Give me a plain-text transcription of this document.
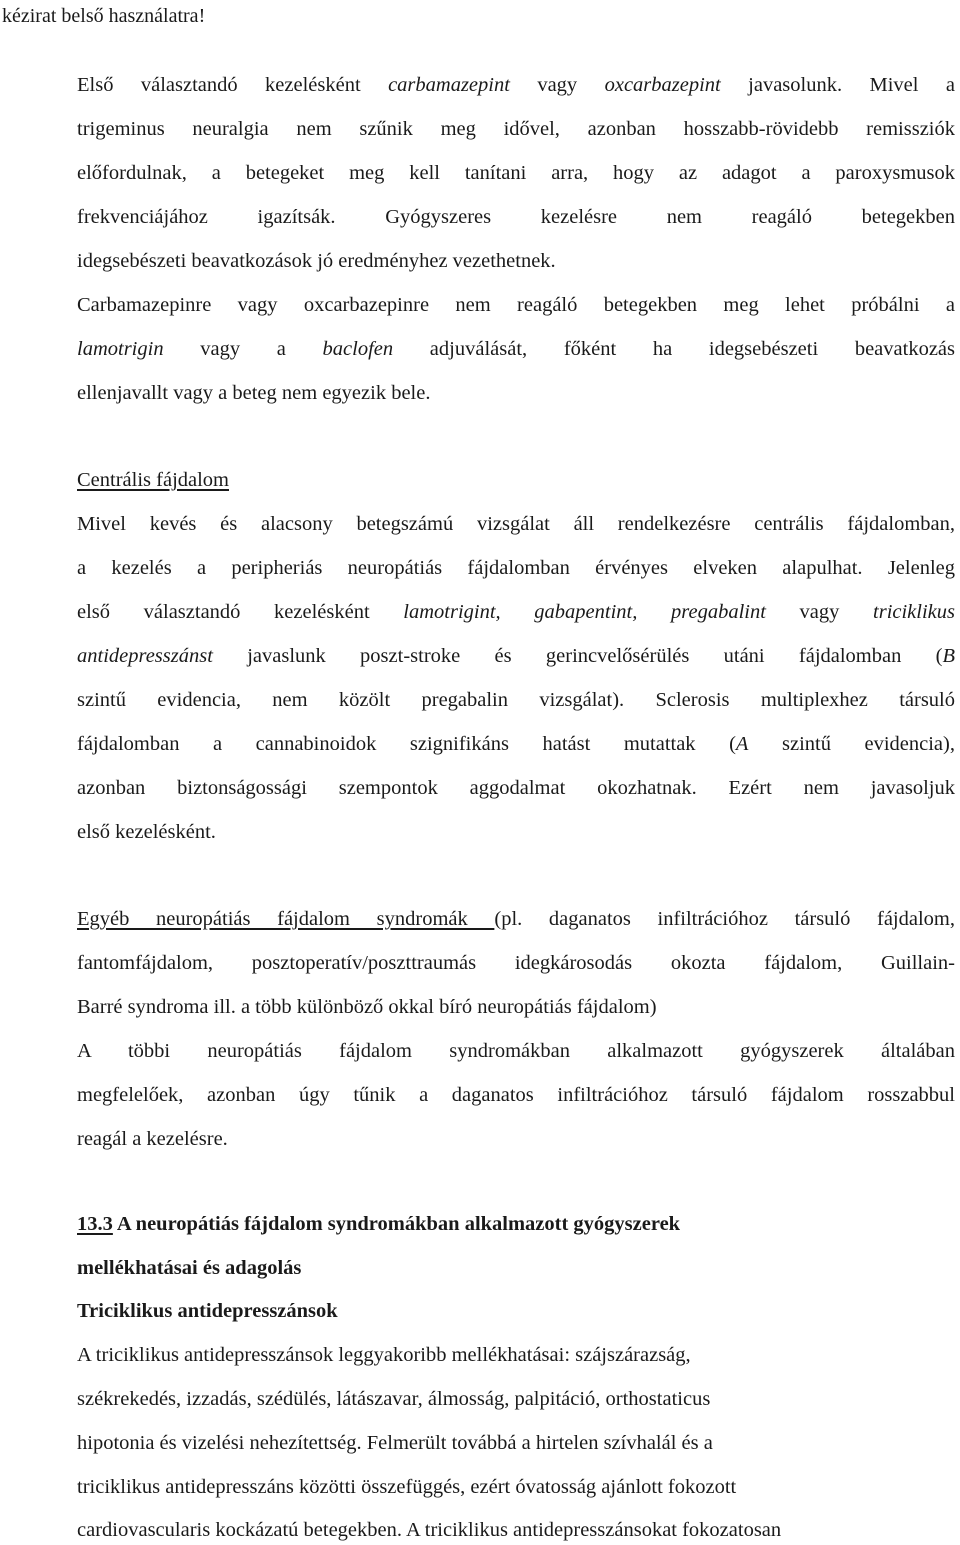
kézirat belső használatra!

Első választandó kezelésként carbamazepint vagy oxcarbazepint javasolunk. Mivel a

trigeminus neuralgia nem szűnik meg idővel, azonban hosszabb-rövidebb remissziók

előfordulnak, a betegeket meg kell tanítani arra, hogy az adagot a paroxysmusok

frekvenciájához igazítsák. Gyógyszeres kezelésre nem reagáló betegekben

idegsebészeti beavatkozások jó eredményhez vezethetnek.

Carbamazepinre vagy oxcarbazepinre nem reagáló betegekben meg lehet próbálni a

lamotrigin vagy a baclofen adjuválását, főként ha idegsebészeti beavatkozás

ellenjavallt vagy a beteg nem egyezik bele.

Centrális fájdalom

Mivel kevés és alacsony betegszámú vizsgálat áll rendelkezésre centrális fájdalomban,

a kezelés a peripheriás neuropátiás fájdalomban érvényes elveken alapulhat. Jelenleg

első választandó kezelésként lamotrigint, gabapentint, pregabalint vagy triciklikus

antidepresszánst javaslunk poszt-stroke és gerincvelősérülés utáni fájdalomban (B

szintű evidencia, nem közölt pregabalin vizsgálat). Sclerosis multiplexhez társuló

fájdalomban a cannabinoidok szignifikáns hatást mutattak (A szintű evidencia),

azonban biztonságossági szempontok aggodalmat okozhatnak. Ezért nem javasoljuk

első kezelésként.

Egyéb neuropátiás fájdalom syndromák (pl. daganatos infiltrációhoz társuló fájdalom,

fantomfájdalom, posztoperatív/poszttraumás idegkárosodás okozta fájdalom, Guillain-

Barré syndroma ill. a több különböző okkal bíró neuropátiás fájdalom)

A többi neuropátiás fájdalom syndromákban alkalmazott gyógyszerek általában

megfelelőek, azonban úgy tűnik a daganatos infiltrációhoz társuló fájdalom rosszabbul

reagál a kezelésre.

13.3 A neuropátiás fájdalom syndromákban alkalmazott gyógyszerek

mellékhatásai és adagolás

Triciklikus antidepresszánsok

A triciklikus antidepresszánsok leggyakoribb mellékhatásai: szájszárazság,

székrekedés, izzadás, szédülés, látászavar, álmosság, palpitáció, orthostaticus

hipotonia és vizelési nehezítettség. Felmerült továbbá a hirtelen szívhalál és a

triciklikus antidepresszáns közötti összefüggés, ezért óvatosság ajánlott fokozott

cardiovascularis kockázatú betegekben. A triciklikus antidepresszánsokat fokozatosan
